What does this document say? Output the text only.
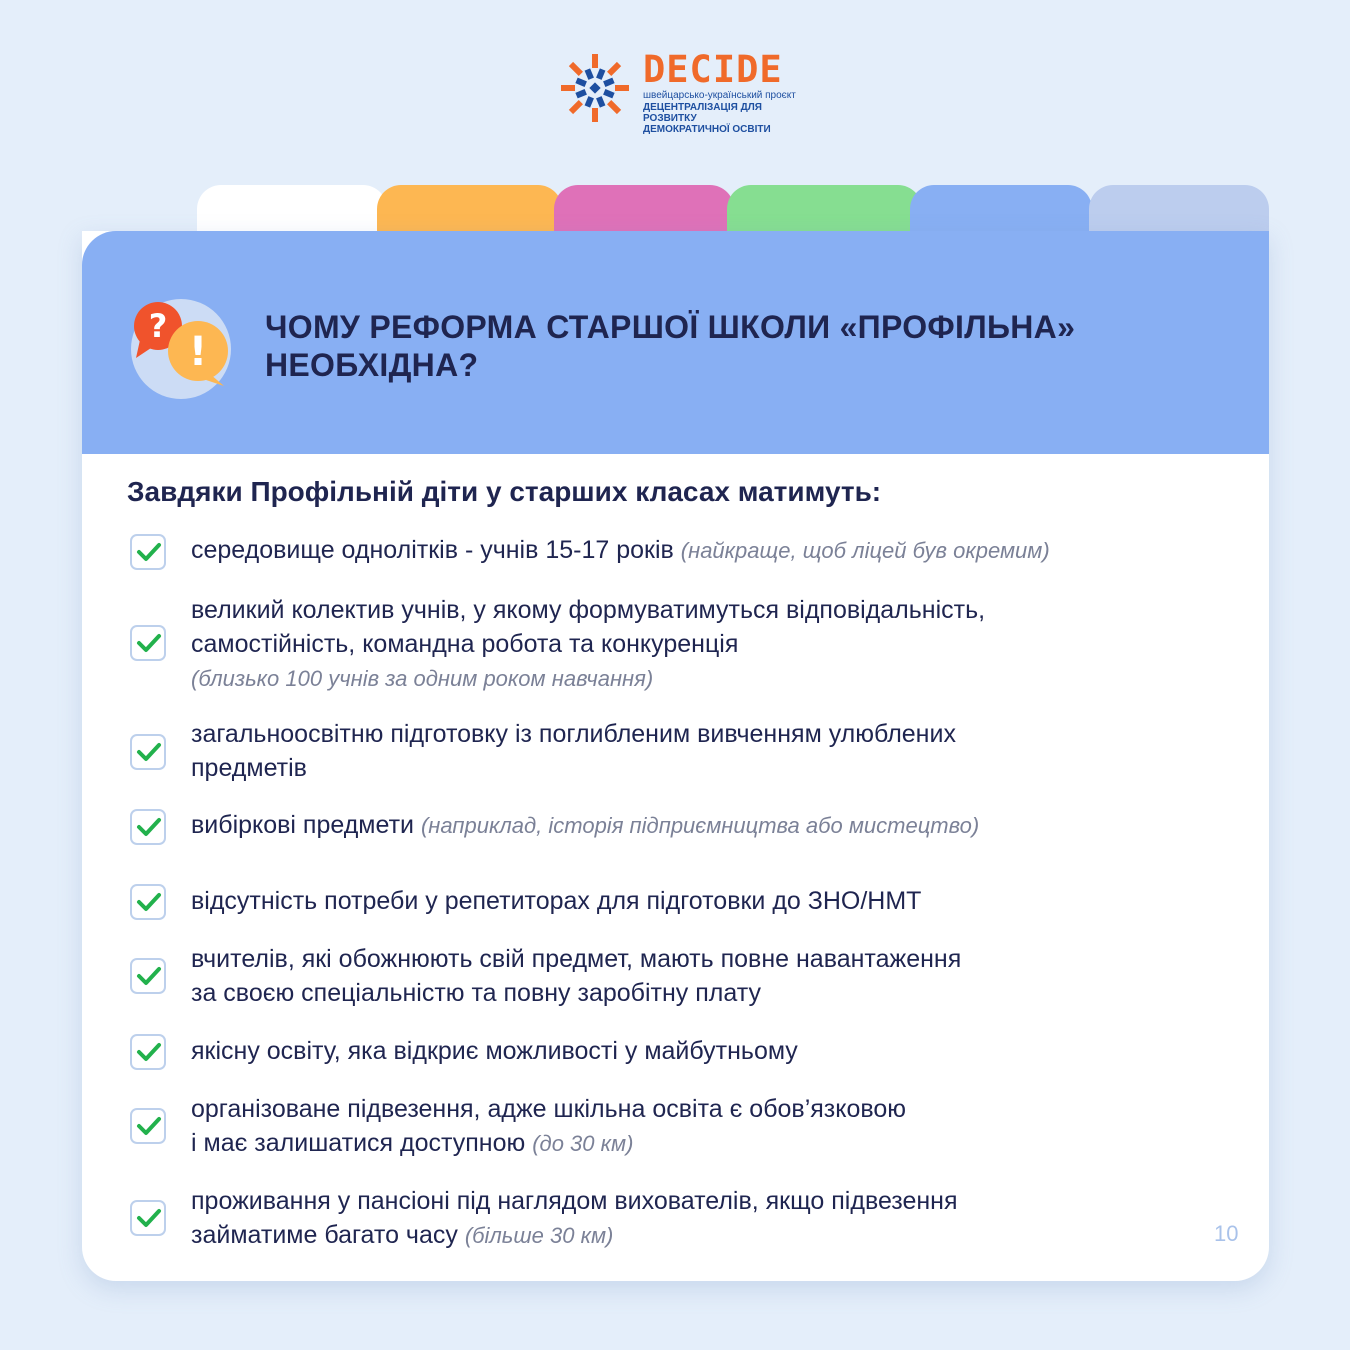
DECIDE
швейцарсько-український проєкт
ДЕЦЕНТРАЛІЗАЦІЯ ДЛЯ РОЗВИТКУ
ДЕМОКРАТИЧНОЇ ОСВІТИ
?
!
ЧОМУ РЕФОРМА СТАРШОЇ ШКОЛИ «ПРОФІЛЬНА»
НЕОБХІДНА?
Завдяки Профільній діти у старших класах матимуть:
середовище однолітків - учнів 15-17 років (найкраще, щоб ліцей був окремим)
великий колектив учнів, у якому формуватимуться відповідальність,
самостійність, командна робота та конкуренція
(близько 100 учнів за одним роком навчання)
загальноосвітню підготовку із поглибленим вивченням улюблених
предметів
вибіркові предмети (наприклад, історія підприємництва або мистецтво)
відсутність потреби у репетиторах для підготовки до ЗНО/НМТ
вчителів, які обожнюють свій предмет, мають повне навантаження
за своєю спеціальністю та повну заробітну плату
якісну освіту, яка відкриє можливості у майбутньому
організоване підвезення, адже шкільна освіта є обов’язковою
і має залишатися доступною (до 30 км)
проживання у пансіоні під наглядом вихователів, якщо підвезення
займатиме багато часу (більше 30 км)	10
